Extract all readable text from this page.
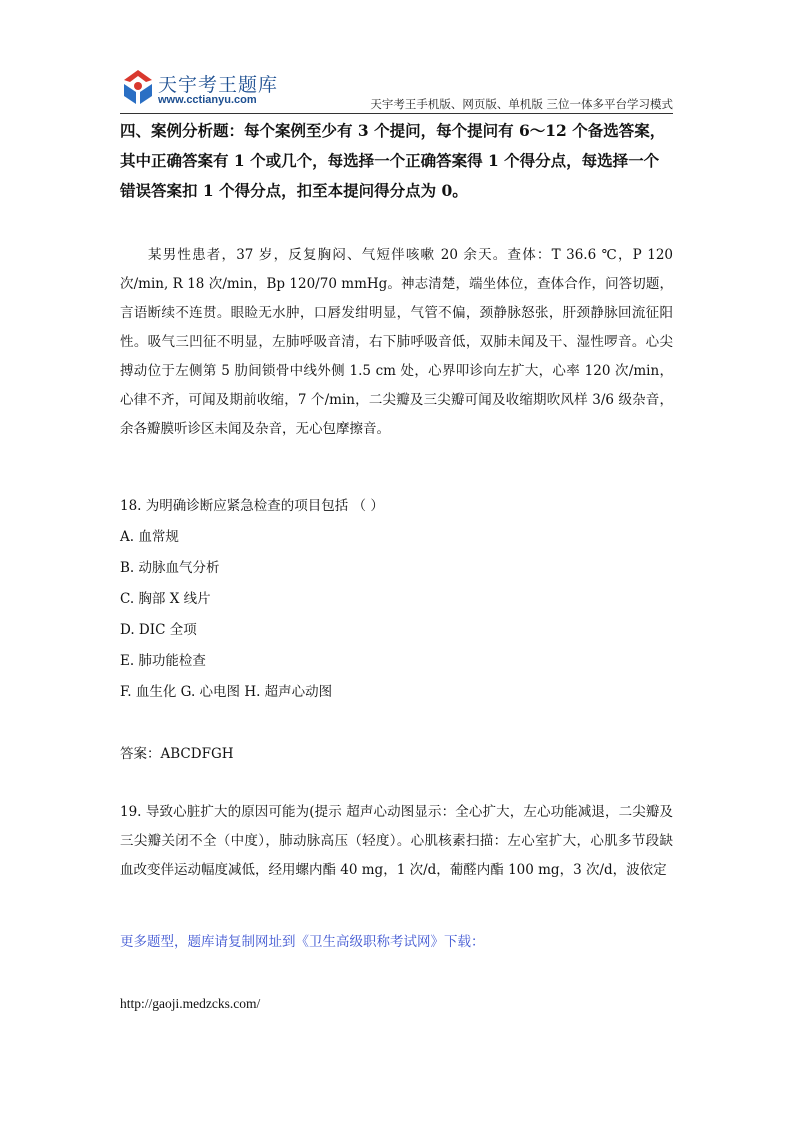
天宇考王题库
www.cctianyu.com	天宇考王手机版、网页版、单机版 三位一体多平台学习模式
四、案例分析题：每个案例至少有 3 个提问，每个提问有 6～12 个备选答案，其中正确答案有 1 个或几个，每选择一个正确答案得 1 个得分点，每选择一个错误答案扣 1 个得分点，扣至本提问得分点为 0。
某男性患者，37 岁，反复胸闷、气短伴咳嗽 20 余天。查体：T 36.6 ℃，P 120 次/min, R 18 次/min，Bp 120/70 mmHg。神志清楚，端坐体位，查体合作，问答切题，言语断续不连贯。眼睑无水肿，口唇发绀明显，气管不偏，颈静脉怒张，肝颈静脉回流征阳性。吸气三凹征不明显，左肺呼吸音清，右下肺呼吸音低，双肺未闻及干、湿性啰音。心尖搏动位于左侧第 5 肋间锁骨中线外侧 1.5 cm 处，心界叩诊向左扩大，心率 120 次/min，心律不齐，可闻及期前收缩，7 个/min，二尖瓣及三尖瓣可闻及收缩期吹风样 3/6 级杂音，余各瓣膜听诊区未闻及杂音，无心包摩擦音。
18. 为明确诊断应紧急检查的项目包括 （ ）
A. 血常规
B. 动脉血气分析
C. 胸部 X 线片
D. DIC 全项
E. 肺功能检查
F. 血生化 G. 心电图 H. 超声心动图
答案：ABCDFGH
19. 导致心脏扩大的原因可能为(提示 超声心动图显示：全心扩大，左心功能减退，二尖瓣及三尖瓣关闭不全（中度），肺动脉高压（轻度）。心肌核素扫描：左心室扩大，心肌多节段缺血改变伴运动幅度减低，经用螺内酯 40 mg，1 次/d，葡醛内酯 100 mg，3 次/d，波依定
更多题型，题库请复制网址到《卫生高级职称考试网》下载：
http://gaoji.medzcks.com/
